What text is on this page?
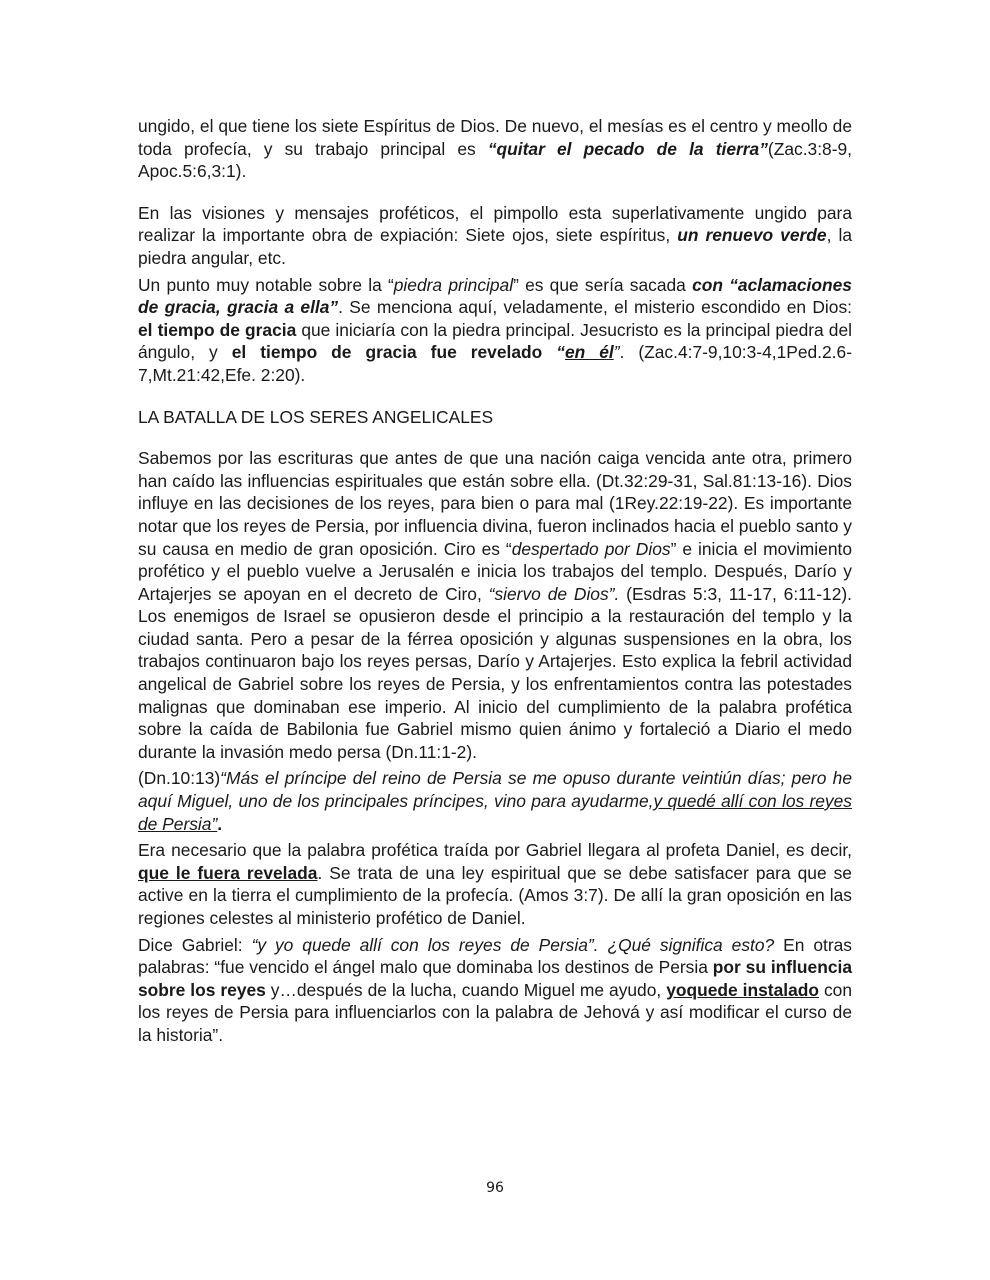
ungido, el que tiene los siete Espíritus de Dios. De nuevo, el mesías es el centro y meollo de toda profecía, y su trabajo principal es “quitar el pecado de la tierra”(Zac.3:8-9, Apoc.5:6,3:1).

En las visiones y mensajes proféticos, el pimpollo esta superlativamente ungido para realizar la importante obra de expiación: Siete ojos, siete espíritus, un renuevo verde, la piedra angular, etc.

Un punto muy notable sobre la “piedra principal” es que sería sacada con “aclamaciones de gracia, gracia a ella”. Se menciona aquí, veladamente, el misterio escondido en Dios: el tiempo de gracia que iniciaría con la piedra principal. Jesucristo es la principal piedra del ángulo, y el tiempo de gracia fue revelado “en él”. (Zac.4:7-9,10:3-4,1Ped.2.6-7,Mt.21:42,Efe. 2:20).

LA BATALLA DE LOS SERES ANGELICALES

Sabemos por las escrituras que antes de que una nación caiga vencida ante otra, primero han caído las influencias espirituales que están sobre ella. (Dt.32:29-31, Sal.81:13-16). Dios influye en las decisiones de los reyes, para bien o para mal (1Rey.22:19-22). Es importante notar que los reyes de Persia, por influencia divina, fueron inclinados hacia el pueblo santo y su causa en medio de gran oposición. Ciro es “despertado por Dios” e inicia el movimiento profético y el pueblo vuelve a Jerusalén e inicia los trabajos del templo. Después, Darío y Artajerjes se apoyan en el decreto de Ciro, “siervo de Dios”. (Esdras 5:3, 11-17, 6:11-12). Los enemigos de Israel se opusieron desde el principio a la restauración del templo y la ciudad santa. Pero a pesar de la férrea oposición y algunas suspensiones en la obra, los trabajos continuaron bajo los reyes persas, Darío y Artajerjes. Esto explica la febril actividad angelical de Gabriel sobre los reyes de Persia, y los enfrentamientos contra las potestades malignas que dominaban ese imperio. Al inicio del cumplimiento de la palabra profética sobre la caída de Babilonia fue Gabriel mismo quien ánimo y fortaleció a Diario el medo durante la invasión medo persa (Dn.11:1-2).

(Dn.10:13)“Más el príncipe del reino de Persia se me opuso durante veintiún días; pero he aquí Miguel, uno de los principales príncipes, vino para ayudarme,y quedé allí con los reyes de Persia”.

Era necesario que la palabra profética traída por Gabriel llegara al profeta Daniel, es decir, que le fuera revelada. Se trata de una ley espiritual que se debe satisfacer para que se active en la tierra el cumplimiento de la profecía. (Amos 3:7). De allí la gran oposición en las regiones celestes al ministerio profético de Daniel.

Dice Gabriel: “y yo quede allí con los reyes de Persia”. ¿Qué significa esto? En otras palabras: “fue vencido el ángel malo que dominaba los destinos de Persia por su influencia sobre los reyes y…después de la lucha, cuando Miguel me ayudo, yoquede instalado con los reyes de Persia para influenciarlos con la palabra de Jehová y así modificar el curso de la historia”.

96
